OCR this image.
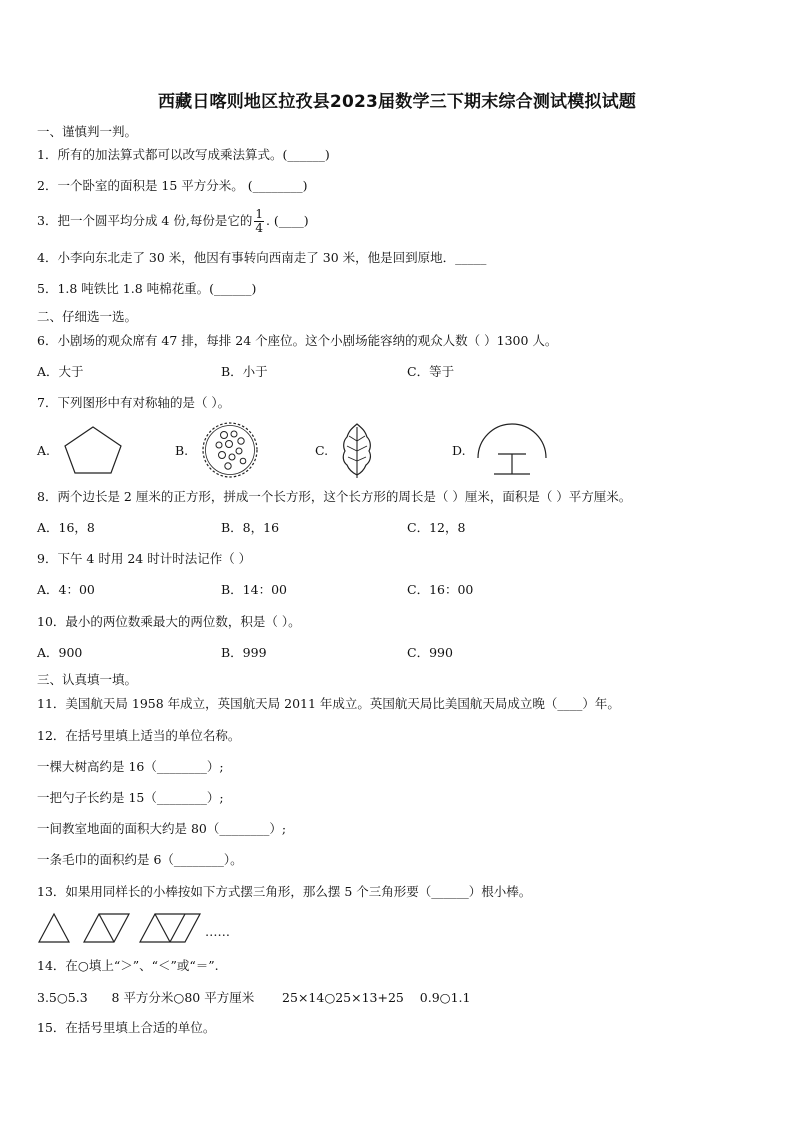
西藏日喀则地区拉孜县2023届数学三下期末综合测试模拟试题
一、谨慎判一判。
1．所有的加法算式都可以改写成乘法算式。(______)
2．一个卧室的面积是 15 平方分米。 (________)
3．把一个圆平均分成 4 份,每份是它的 $\frac{1}{4}$ . (____)
4．小李向东北走了 30 米，他因有事转向西南走了 30 米，他是回到原地．_____
5．1.8 吨铁比 1.8 吨棉花重。(______)
二、仔细选一选。
6．小剧场的观众席有 47 排，每排 24 个座位。这个小剧场能容纳的观众人数（ ）1300 人。
A．大于	B．小于	C．等于
7．下列图形中有对称轴的是（ ）。
A.	B.	C.	D.
8．两个边长是 2 厘米的正方形，拼成一个长方形，这个长方形的周长是（ ）厘米，面积是（ ）平方厘米。
A．16，8	B．8，16	C．12，8
9．下午 4 时用 24 时计时法记作（ ）
A．4：00	B．14：00	C．16：00
10．最小的两位数乘最大的两位数，积是（ ）。
A．900	B．999	C．990
三、认真填一填。
11．美国航天局 1958 年成立，英国航天局 2011 年成立。英国航天局比美国航天局成立晚（____）年。
12．在括号里填上适当的单位名称。
一棵大树高约是 16（________）;
一把勺子长约是 15（________）;
一间教室地面的面积大约是 80（________）;
一条毛巾的面积约是 6（________）。
13．如果用同样长的小棒按如下方式摆三角形，那么摆 5 个三角形要（______）根小棒。
……
14．在○填上“＞”、“＜”或“＝”.
3.5○5.3      8 平方分米○80 平方厘米       25×14○25×13+25    0.9○1.1
15．在括号里填上合适的单位。
